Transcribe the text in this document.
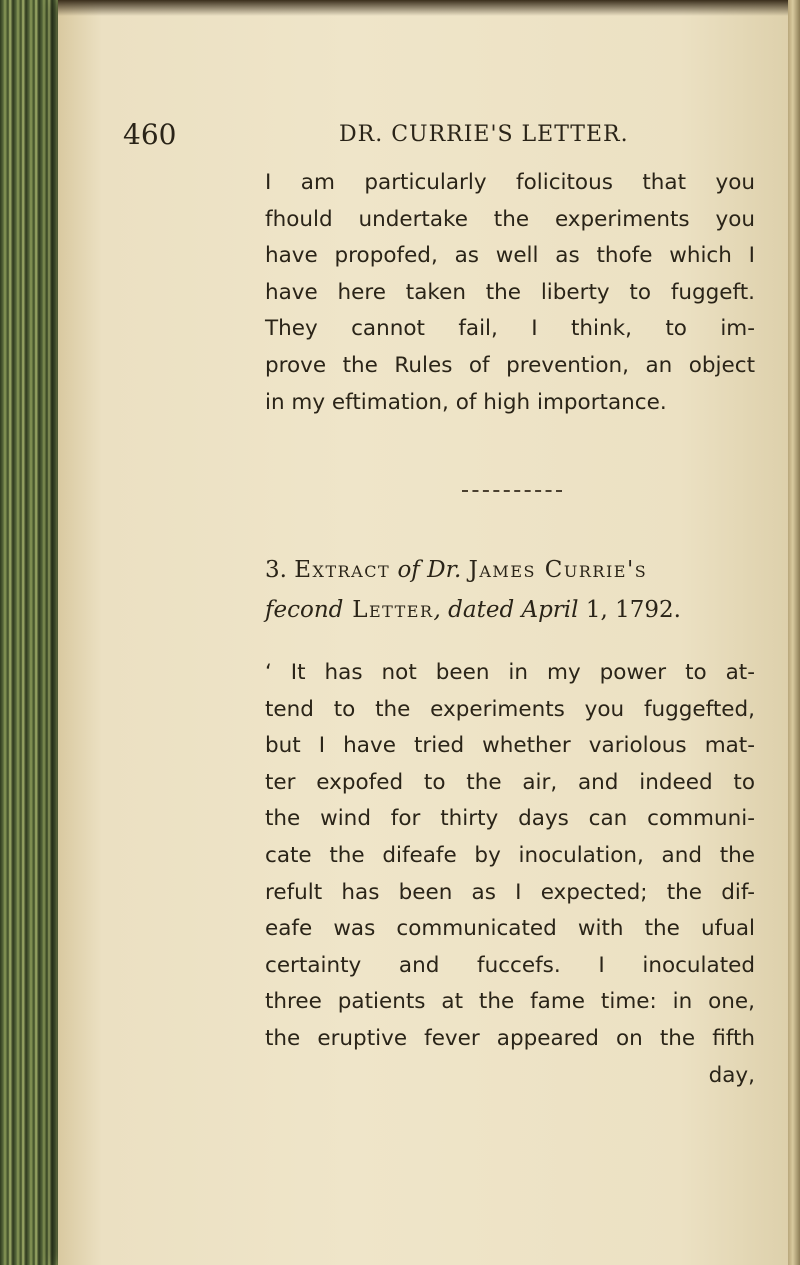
460	DR. CURRIE'S LETTER.
I am particularly folicitous that you
fhould undertake the experiments you
have propofed, as well as thofe which I
have here taken the liberty to fuggeft.
They cannot fail, I think, to im-
prove the Rules of prevention, an object
in my eftimation, of high importance.
3. Extract of Dr. James Currie's
fecond Letter, dated April 1, 1792.
‘ It has not been in my power to at-
tend to the experiments you fuggefted,
but I have tried whether variolous mat-
ter expofed to the air, and indeed to
the wind for thirty days can communi-
cate the difeafe by inoculation, and the
refult has been as I expected; the dif-
eafe was communicated with the ufual
certainty and fuccefs. I inoculated
three patients at the fame time: in one,
the eruptive fever appeared on the fifth
day,
